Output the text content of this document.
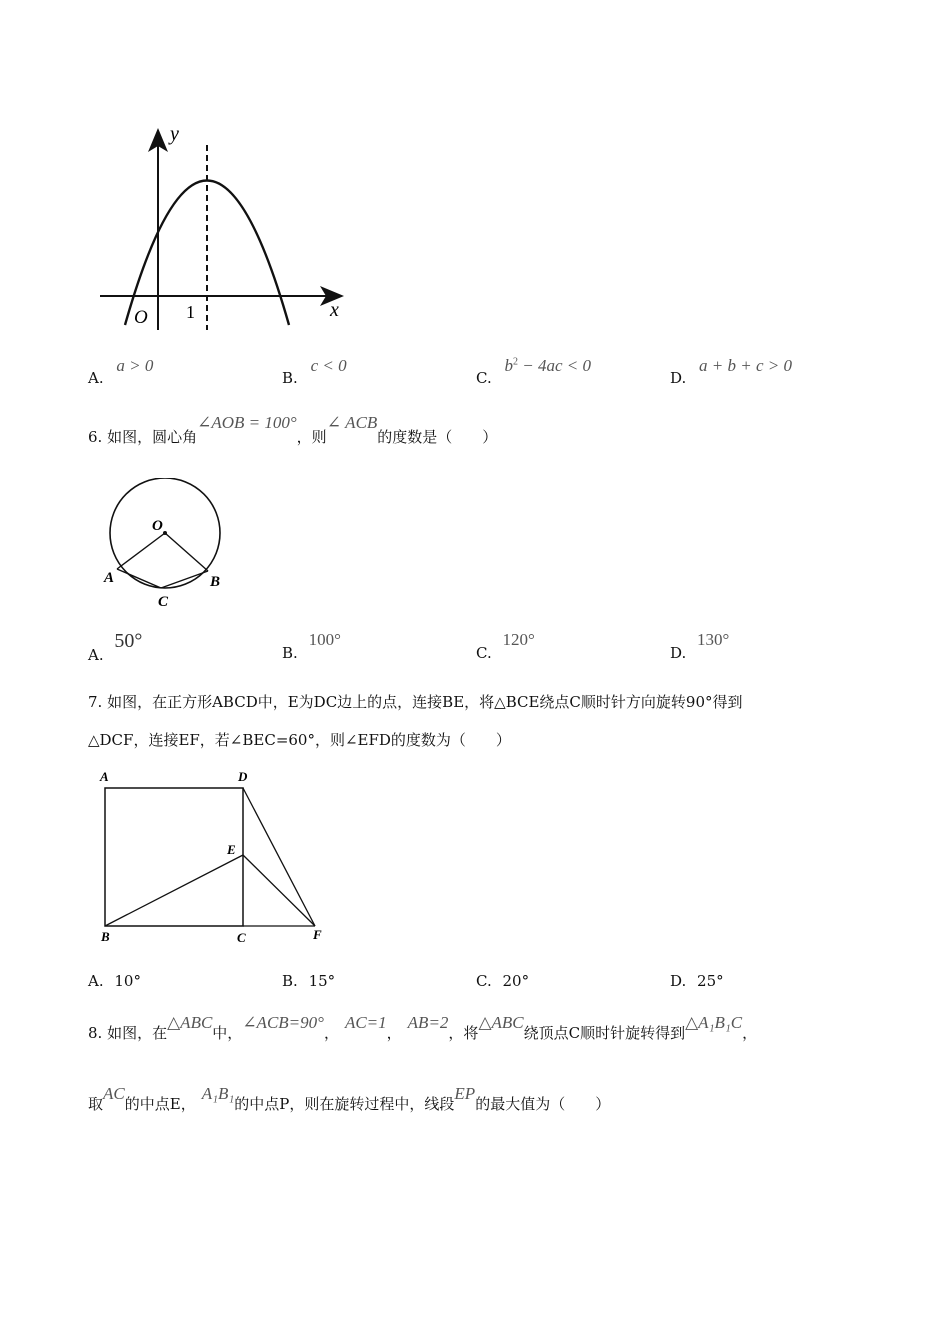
y
x
O 1
A. a > 0
B. c < 0
C. $b^2 - 4ac < 0$
D. a + b + c > 0
6. 如图，圆心角∠AOB = 100°，则∠ ACB的度数是（　　）
O
A	B
C
A. 50°
B. 100°
C. 120°
D. 130°
7. 如图，在正方形ABCD中，E为DC边上的点，连接BE，将△BCE绕点C顺时针方向旋转90°得到
△DCF，连接EF，若∠BEC=60°，则∠EFD的度数为（　　）
A	D
E
B	C	F
A. 10°	B. 15°	C. 20°	D. 25°
8. 如图，在△ABC中，∠ACB=90°，AC=1，AB=2，将△ABC绕顶点C顺时针旋转得到△A₁B₁C，
取AC的中点E，A₁B₁的中点P，则在旋转过程中，线段EP的最大值为（　　）
